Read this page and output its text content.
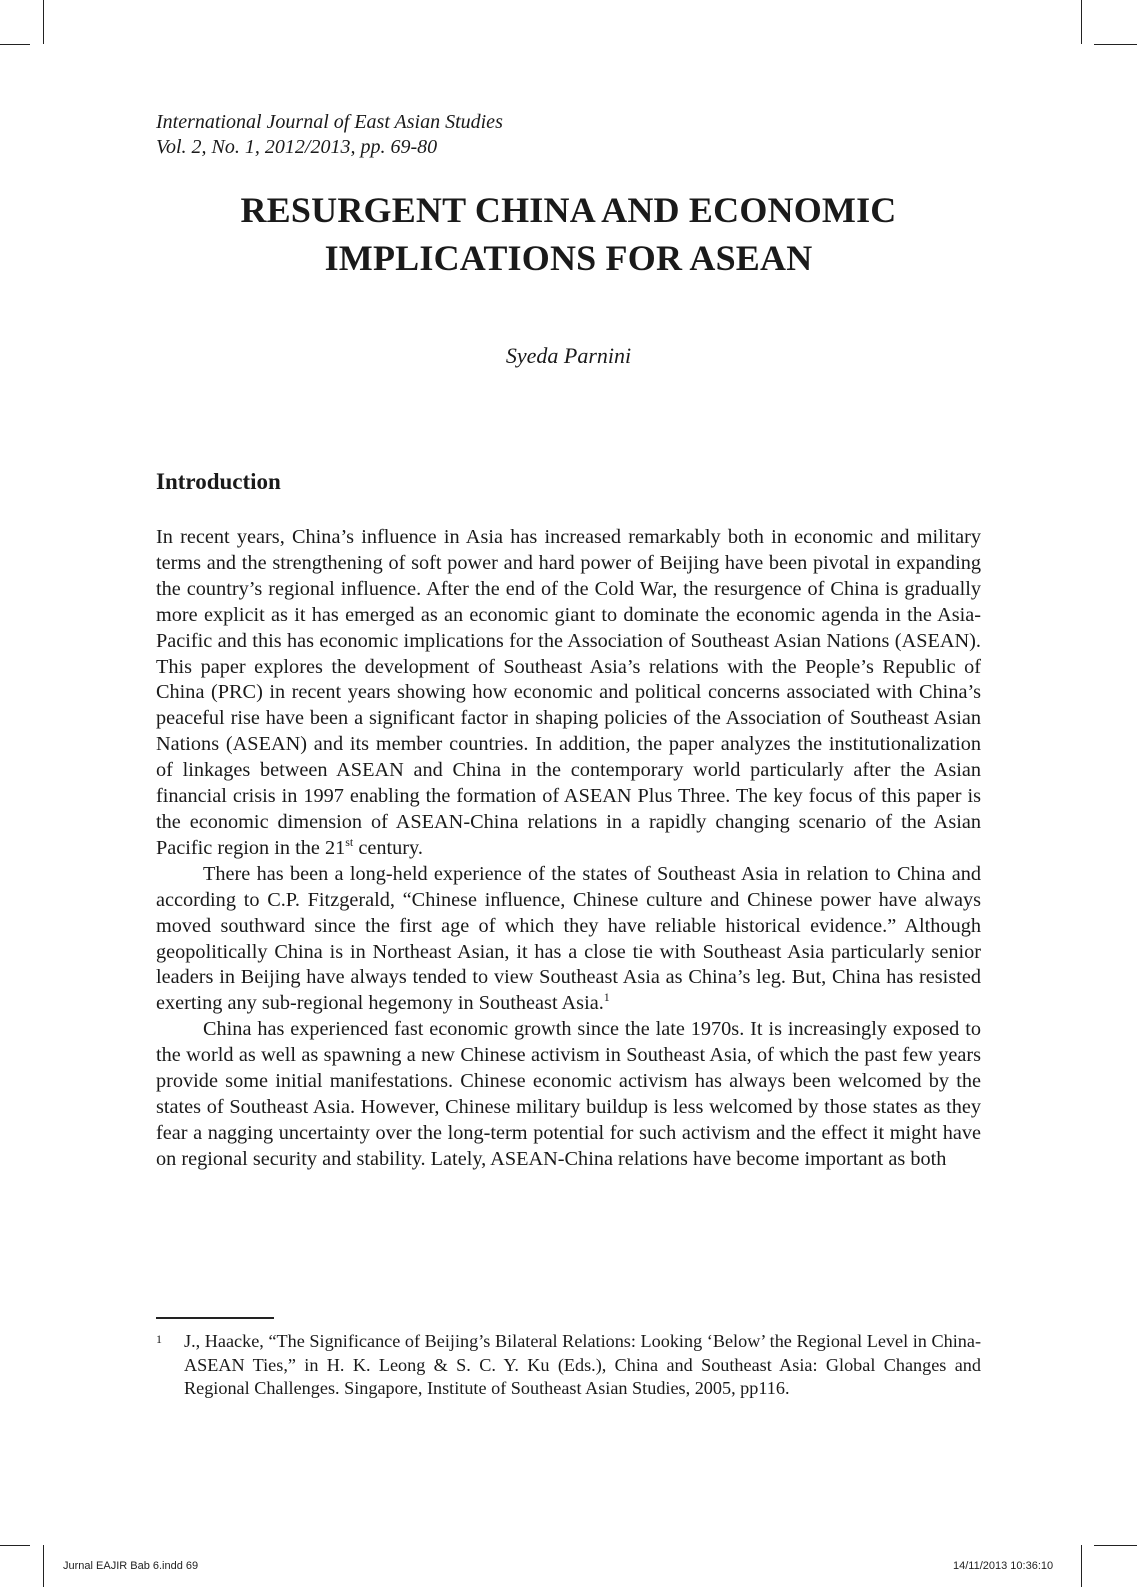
International Journal of East Asian Studies
Vol. 2, No. 1, 2012/2013, pp. 69-80
RESURGENT CHINA AND ECONOMIC
IMPLICATIONS FOR ASEAN
Syeda Parnini
Introduction

In recent years, China’s influence in Asia has increased remarkably both in economic and military terms and the strengthening of soft power and hard power of Beijing have been pivotal in expanding the country’s regional influence. After the end of the Cold War, the resurgence of China is gradually more explicit as it has emerged as an economic giant to dominate the economic agenda in the Asia-Pacific and this has economic implications for the Association of Southeast Asian Nations (ASEAN). This paper explores the development of Southeast Asia’s relations with the People’s Republic of China (PRC) in recent years showing how economic and political concerns associated with China’s peaceful rise have been a significant factor in shaping policies of the Association of Southeast Asian Nations (ASEAN) and its member countries. In addition, the paper analyzes the institutionalization of linkages between ASEAN and China in the contemporary world particularly after the Asian financial crisis in 1997 enabling the formation of ASEAN Plus Three. The key focus of this paper is the economic dimension of ASEAN-China relations in a rapidly changing scenario of the Asian Pacific region in the 21st century.

There has been a long-held experience of the states of Southeast Asia in relation to China and according to C.P. Fitzgerald, “Chinese influence, Chinese culture and Chinese power have always moved southward since the first age of which they have reliable historical evidence.” Although geopolitically China is in Northeast Asian, it has a close tie with Southeast Asia particularly senior leaders in Beijing have always tended to view Southeast Asia as China’s leg. But, China has resisted exerting any sub-regional hegemony in Southeast Asia.$^1$

China has experienced fast economic growth since the late 1970s. It is increasingly exposed to the world as well as spawning a new Chinese activism in Southeast Asia, of which the past few years provide some initial manifestations. Chinese economic activism has always been welcomed by the states of Southeast Asia. However, Chinese military buildup is less welcomed by those states as they fear a nagging uncertainty over the long-term potential for such activism and the effect it might have on regional security and stability. Lately, ASEAN-China relations have become important as both

1 J., Haacke, “The Significance of Beijing’s Bilateral Relations: Looking ‘Below’ the Regional Level in China-ASEAN Ties,” in H. K. Leong & S. C. Y. Ku (Eds.), China and Southeast Asia: Global Changes and Regional Challenges. Singapore, Institute of Southeast Asian Studies, 2005, pp116.
Jurnal EAJIR Bab 6.indd 69	14/11/2013 10:36:10
